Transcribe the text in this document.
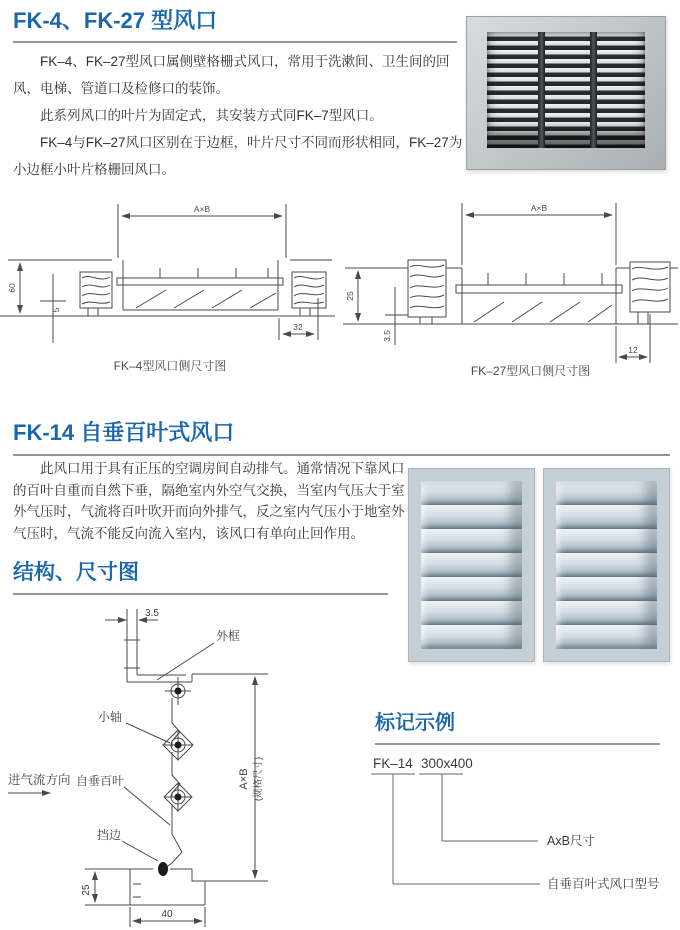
FK-4、FK-27 型风口

FK–4、FK–27型风口属侧壁格栅式风口，常用于洗漱间、卫生间的回风，电梯、管道口及检修口的装饰。

此系列风口的叶片为固定式，其安装方式同FK–7型风口。

FK–4与FK–27风口区别在于边框，叶片尺寸不同而形状相同，FK–27为小边框小叶片格栅回风口。

A×B
60
5
32
FK–4型风口侧尺寸图
A×B
25
3.5
12
FK–27型风口侧尺寸图
FK-14 自垂百叶式风口

此风口用于具有正压的空调房间自动排气。通常情况下靠风口的百叶自重而自然下垂，隔绝室内外空气交换，当室内气压大于室外气压时，气流将百叶吹开而向外排气，反之室内气压小于地室外气压时，气流不能反向流入室内，该风口有单向止回作用。

结构、尺寸图
3.5
外框
小轴
自垂百叶
挡边
进气流方向	A×B (规格尺寸)
25
40
标记示例
FK–14 300x400
AxB尺寸
自垂百叶式风口型号
